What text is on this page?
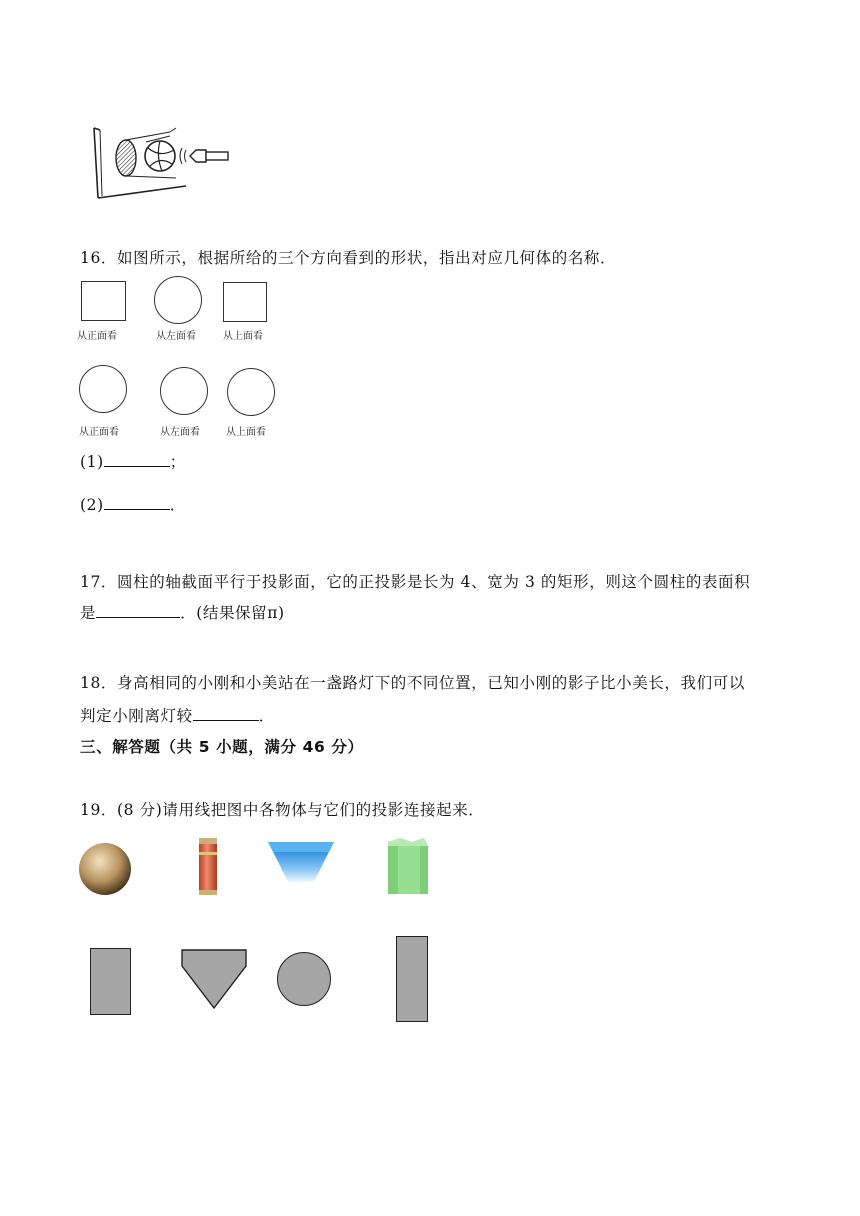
16．如图所示，根据所给的三个方向看到的形状，指出对应几何体的名称．
从正面看	从左面看	从上面看
从正面看	从左面看	从上面看
(1)	；
(2)	．
17．圆柱的轴截面平行于投影面，它的正投影是长为 4、宽为 3 的矩形，则这个圆柱的表面积
是	．(结果保留π)
18．身高相同的小刚和小美站在一盏路灯下的不同位置，已知小刚的影子比小美长，我们可以
判定小刚离灯较	．
三、解答题（共 5 小题，满分 46 分）
19．(8 分)请用线把图中各物体与它们的投影连接起来．
